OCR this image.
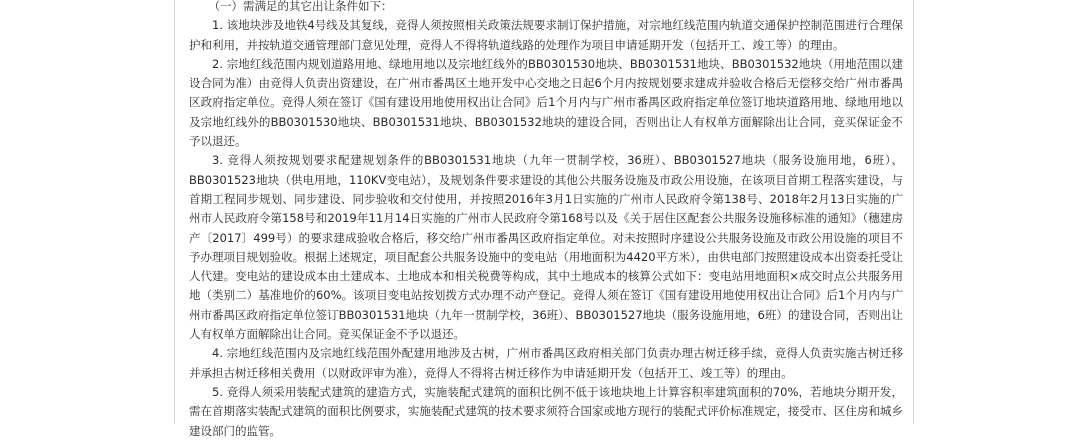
（一）需满足的其它出让条件如下：

1. 该地块涉及地铁4号线及其复线，竞得人须按照相关政策法规要求制订保护措施，对宗地红线范围内轨道交通保护控制范围进行合理保护和利用，并按轨道交通管理部门意见处理，竞得人不得将轨道线路的处理作为项目申请延期开发（包括开工、竣工等）的理由。

2. 宗地红线范围内规划道路用地、绿地用地以及宗地红线外的BB0301530地块、BB0301531地块、BB0301532地块（用地范围以建设合同为准）由竞得人负责出资建设，在广州市番禺区土地开发中心交地之日起6个月内按规划要求建成并验收合格后无偿移交给广州市番禺区政府指定单位。竞得人须在签订《国有建设用地使用权出让合同》后1个月内与广州市番禺区政府指定单位签订地块道路用地、绿地用地以及宗地红线外的BB0301530地块、BB0301531地块、BB0301532地块的建设合同，否则出让人有权单方面解除出让合同，竞买保证金不予以退还。

3. 竞得人须按规划要求配建规划条件的BB0301531地块（九年一贯制学校，36班）、BB0301527地块（服务设施用地，6班）、BB0301523地块（供电用地，110KV变电站），及规划条件要求建设的其他公共服务设施及市政公用设施，在该项目首期工程落实建设，与首期工程同步规划、同步建设、同步验收和交付使用，并按照2016年3月1日实施的广州市人民政府令第138号、2018年2月13日实施的广州市人民政府令第158号和2019年11月14日实施的广州市人民政府令第168号以及《关于居住区配套公共服务设施移标准的通知》（穗建房产〔2017〕499号）的要求建成验收合格后，移交给广州市番禺区政府指定单位。对未按照时序建设公共服务设施及市政公用设施的项目不予办理项目规划验收。根据上述规定，项目配套公共服务设施中的变电站（用地面积为4420平方米），由供电部门按照建设成本出资委托受让人代建。变电站的建设成本由土建成本、土地成本和相关税费等构成，其中土地成本的核算公式如下：变电站用地面积×成交时点公共服务用地（类别二）基准地价的60%。该项目变电站按划拨方式办理不动产登记。竞得人须在签订《国有建设用地使用权出让合同》后1个月内与广州市番禺区政府指定单位签订BB0301531地块（九年一贯制学校，36班）、BB0301527地块（服务设施用地，6班）的建设合同，否则出让人有权单方面解除出让合同。竞买保证金不予以退还。

4. 宗地红线范围内及宗地红线范围外配建用地涉及古树，广州市番禺区政府相关部门负责办理古树迁移手续，竞得人负责实施古树迁移并承担古树迁移相关费用（以财政评审为准），竞得人不得将古树迁移作为申请延期开发（包括开工、竣工等）的理由。

5. 竞得人须采用装配式建筑的建造方式，实施装配式建筑的面积比例不低于该地块地上计算容积率建筑面积的70%，若地块分期开发，需在首期落实装配式建筑的面积比例要求，实施装配式建筑的技术要求须符合国家或地方现行的装配式评价标准规定，接受市、区住房和城乡建设部门的监管。
